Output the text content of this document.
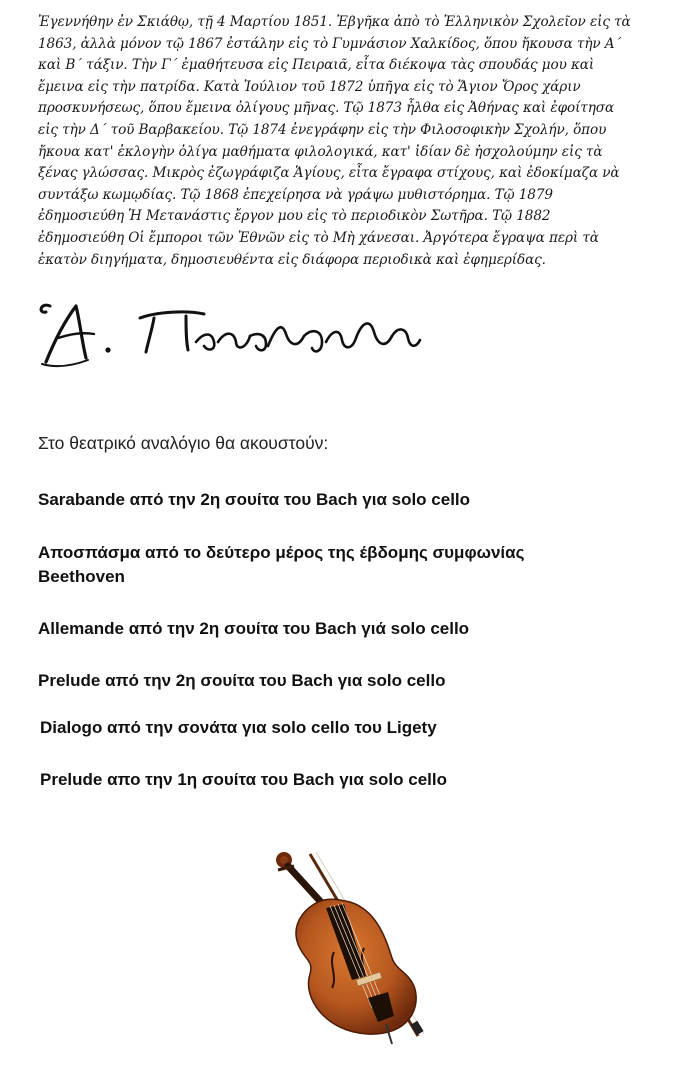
Ἐγεννήθην ἐν Σκιάθῳ, τῇ 4 Μαρτίου 1851. Ἐβγῆκα ἀπὸ τὸ Ἑλληνικὸν Σχολεῖον εἰς τὰ
1863, ἀλλὰ μόνον τῷ 1867 ἐστάλην εἰς τὸ Γυμνάσιον Χαλκίδος, ὅπου ἤκουσα τὴν Α΄
καὶ Β΄ τάξιν. Τὴν Γ΄ ἐμαθήτευσα εἰς Πειραιᾶ, εἶτα διέκοψα τὰς σπουδάς μου καὶ
ἔμεινα εἰς τὴν πατρίδα. Κατὰ Ἰούλιον τοῦ 1872 ὑπῆγα εἰς τὸ Ἅγιον Ὄρος χάριν
προσκυνήσεως, ὅπου ἔμεινα ὀλίγους μῆνας. Τῷ 1873 ἦλθα εἰς Ἀθήνας καὶ ἐφοίτησα
εἰς τὴν Δ΄ τοῦ Βαρβακείου. Τῷ 1874 ἐνεγράφην εἰς τὴν Φιλοσοφικὴν Σχολήν, ὅπου
ἤκουα κατ' ἐκλογὴν ὀλίγα μαθήματα φιλολογικά, κατ' ἰδίαν δὲ ἠσχολούμην εἰς τὰ
ξένας γλώσσας. Μικρὸς ἐζωγράφιζα Ἁγίους, εἶτα ἔγραφα στίχους, καὶ ἐδοκίμαζα νὰ
συντάξω κωμῳδίας. Τῷ 1868 ἐπεχείρησα νὰ γράψω μυθιστόρημα. Τῷ 1879
ἐδημοσιεύθη Ἡ Μετανάστις ἔργον μου εἰς τὸ περιοδικὸν Σωτῆρα. Τῷ 1882
ἐδημοσιεύθη Οἱ ἔμποροι τῶν Ἐθνῶν εἰς τὸ Μὴ χάνεσαι. Ἀργότερα ἔγραψα περὶ τὰ
ἑκατὸν διηγήματα, δημοσιευθέντα εἰς διάφορα περιοδικὰ καὶ ἐφημερίδας.

Στο θεατρικό αναλόγιο θα ακουστούν:

Sarabande από την 2η σουίτα του Bach για solo cello
Αποσπάσμα από το δεύτερο μέρος της έβδομης συμφωνίας
Beethoven
Allemande από την 2η σουίτα του Bach γιά solo cello
Prelude από την 2η σουίτα του Bach για solo cello
Dialogo από την σονάτα για solo cello του Ligety
Prelude απο την 1η σουίτα του Bach για solo cello
